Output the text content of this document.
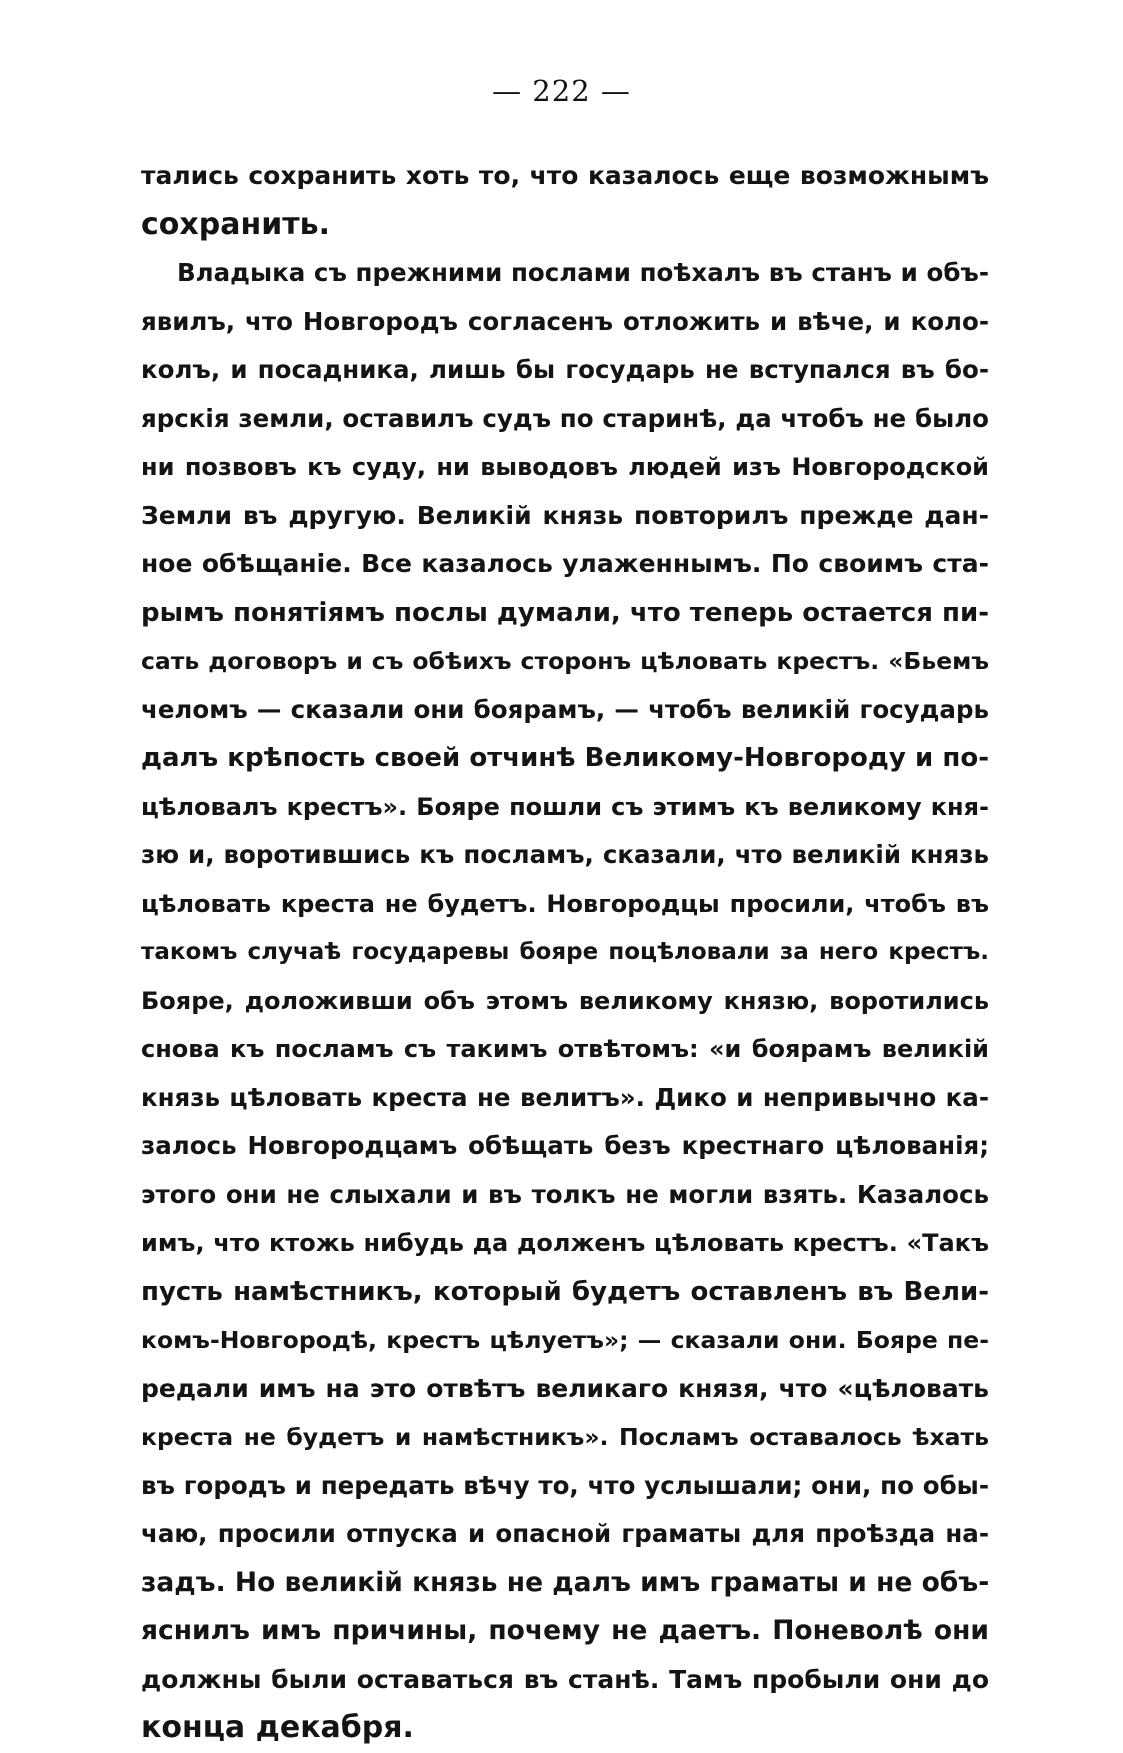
— 222 —
тались сохранить хоть то, что казалось еще возможнымъ
сохранить.
Владыка съ прежними послами поѣхалъ въ станъ и объ-
явилъ, что Новгородъ согласенъ отложить и вѣче, и коло-
колъ, и посадника, лишь бы государь не вступался въ бо-
ярскія земли, оставилъ судъ по старинѣ, да чтобъ не было
ни позвовъ къ суду, ни выводовъ людей изъ Новгородской
Земли въ другую. Великій князь повторилъ прежде дан-
ное обѣщаніе. Все казалось улаженнымъ. По своимъ ста-
рымъ понятіямъ послы думали, что теперь остается пи-
сать договоръ и съ обѣихъ сторонъ цѣловать крестъ. «Бьемъ
челомъ — сказали они боярамъ, — чтобъ великій государь
далъ крѣпость своей отчинѣ Великому-Новгороду и по-
цѣловалъ крестъ». Бояре пошли съ этимъ къ великому кня-
зю и, воротившись къ посламъ, сказали, что великій князь
цѣловать креста не будетъ. Новгородцы просили, чтобъ въ
такомъ случаѣ государевы бояре поцѣловали за него крестъ.
Бояре, доложивши объ этомъ великому князю, воротились
снова къ посламъ съ такимъ отвѣтомъ: «и боярамъ великій
князь цѣловать креста не велитъ». Дико и непривычно ка-
залось Новгородцамъ обѣщать безъ крестнаго цѣлованія;
этого они не слыхали и въ толкъ не могли взять. Казалось
имъ, что ктожь нибудь да долженъ цѣловать крестъ. «Такъ
пусть намѣстникъ, который будетъ оставленъ въ Вели-
комъ-Новгородѣ, крестъ цѣлуетъ»; — сказали они. Бояре пе-
редали имъ на это отвѣтъ великаго князя, что «цѣловать
креста не будетъ и намѣстникъ». Посламъ оставалось ѣхать
въ городъ и передать вѣчу то, что услышали; они, по обы-
чаю, просили отпуска и опасной граматы для проѣзда на-
задъ. Но великій князь не далъ имъ граматы и не объ-
яснилъ имъ причины, почему не даетъ. Поневолѣ они
должны были оставаться въ станѣ. Тамъ пробыли они до
конца декабря.
